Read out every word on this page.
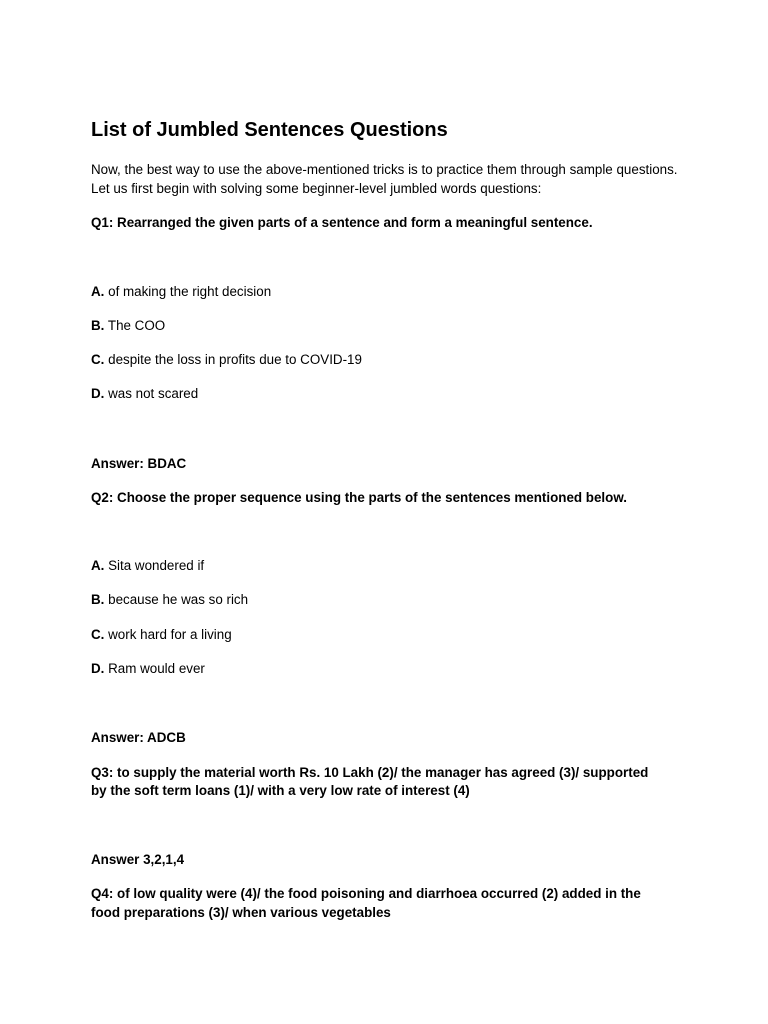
List of Jumbled Sentences Questions

Now, the best way to use the above-mentioned tricks is to practice them through sample questions. Let us first begin with solving some beginner-level jumbled words questions:

Q1: Rearranged the given parts of a sentence and form a meaningful sentence.

A. of making the right decision

B. The COO

C. despite the loss in profits due to COVID-19

D. was not scared

Answer: BDAC

Q2: Choose the proper sequence using the parts of the sentences mentioned below.

A. Sita wondered if

B. because he was so rich

C. work hard for a living

D. Ram would ever

Answer: ADCB

Q3: to supply the material worth Rs. 10 Lakh (2)/ the manager has agreed (3)/ supported

by the soft term loans (1)/ with a very low rate of interest (4)

Answer 3,2,1,4

Q4: of low quality were (4)/ the food poisoning and diarrhoea occurred (2) added in the

food preparations (3)/ when various vegetables
